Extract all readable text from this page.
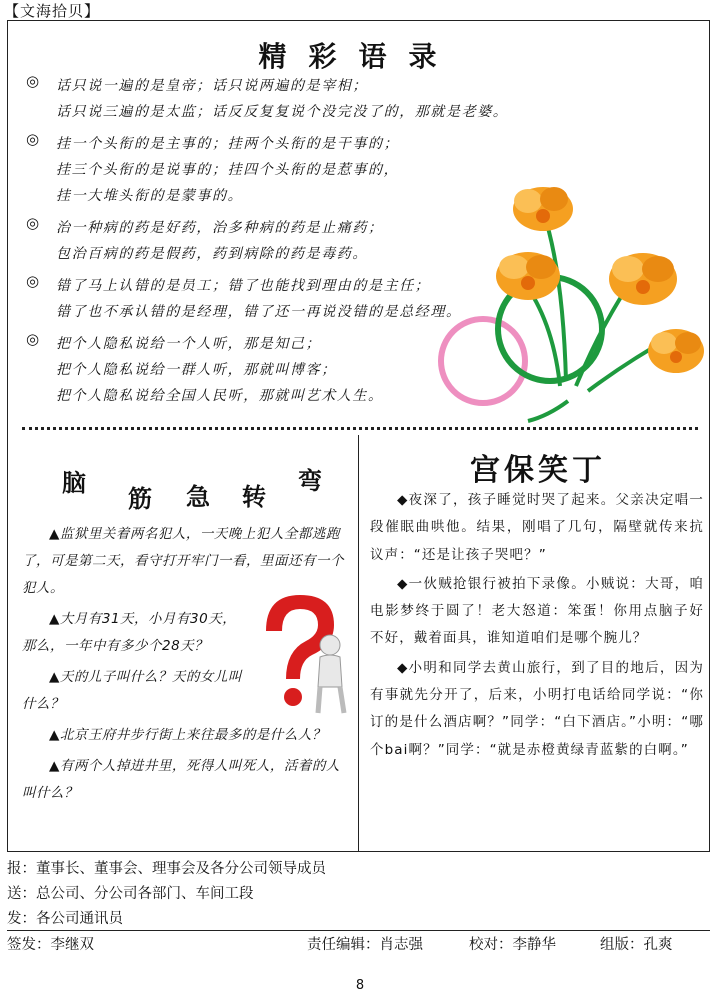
【文海拾贝】
精彩语录
◎ 话只说一遍的是皇帝；话只说两遍的是宰相；
话只说三遍的是太监；话反反复复说个没完没了的，那就是老婆。
◎ 挂一个头衔的是主事的；挂两个头衔的是干事的；
挂三个头衔的是说事的；挂四个头衔的是惹事的，
挂一大堆头衔的是蒙事的。
◎ 治一种病的药是好药，治多种病的药是止痛药；
包治百病的药是假药，药到病除的药是毒药。
◎ 错了马上认错的是员工；错了也能找到理由的是主任；
错了也不承认错的是经理，错了还一再说没错的是总经理。
◎ 把个人隐私说给一个人听，那是知己；
把个人隐私说给一群人听，那就叫博客；
把个人隐私说给全国人民听，那就叫艺术人生。
脑
筋 急 转
弯

▲监狱里关着两名犯人，一天晚上犯人全都逃跑了，可是第二天，看守打开牢门一看，里面还有一个犯人。

▲大月有31天，小月有30天，那么，一年中有多少个28天？

▲天的儿子叫什么？天的女儿叫什么？

▲北京王府井步行街上来往最多的是什么人？

▲有两个人掉进井里，死得人叫死人，活着的人叫什么？

宫保笑丁

◆夜深了，孩子睡觉时哭了起来。父亲决定唱一段催眠曲哄他。结果，刚唱了几句，隔壁就传来抗议声：“还是让孩子哭吧？”

◆一伙贼抢银行被拍下录像。小贼说：大哥，咱电影梦终于圆了！老大怒道：笨蛋！你用点脑子好不好，戴着面具，谁知道咱们是哪个腕儿？

◆小明和同学去黄山旅行，到了目的地后，因为有事就先分开了，后来，小明打电话给同学说：“你订的是什么酒店啊？”同学：“白下酒店。”小明：“哪个bai啊？”同学：“就是赤橙黄绿青蓝紫的白啊。”

报：董事长、董事会、理事会及各分公司领导成员
送：总公司、分公司各部门、车间工段
发：各公司通讯员
签发：李继双	责任编辑：肖志强	校对：李静华	组版：孔爽
8
